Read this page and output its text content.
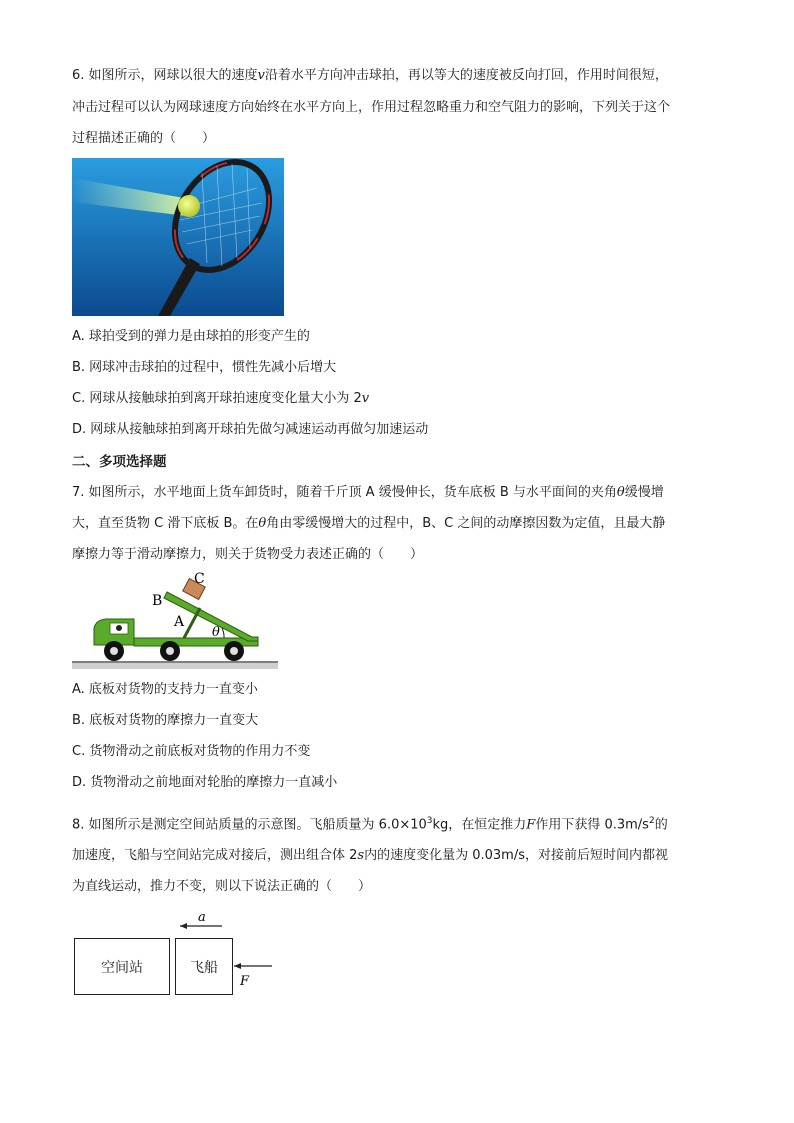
6. 如图所示，网球以很大的速度v沿着水平方向冲击球拍，再以等大的速度被反向打回，作用时间很短，
冲击过程可以认为网球速度方向始终在水平方向上，作用过程忽略重力和空气阻力的影响，下列关于这个
过程描述正确的（　　）
A. 球拍受到的弹力是由球拍的形变产生的
B. 网球冲击球拍的过程中，惯性先减小后增大
C. 网球从接触球拍到离开球拍速度变化量大小为 2v
D. 网球从接触球拍到离开球拍先做匀减速运动再做匀加速运动
二、多项选择题
7. 如图所示，水平地面上货车卸货时，随着千斤顶 A 缓慢伸长，货车底板 B 与水平面间的夹角θ缓慢增
大，直至货物 C 滑下底板 B。在θ角由零缓慢增大的过程中，B、C 之间的动摩擦因数为定值，且最大静
摩擦力等于滑动摩擦力，则关于货物受力表述正确的（　　）
C
B
A
θ
A. 底板对货物的支持力一直变小
B. 底板对货物的摩擦力一直变大
C. 货物滑动之前底板对货物的作用力不变
D. 货物滑动之前地面对轮胎的摩擦力一直减小
8. 如图所示是测定空间站质量的示意图。飞船质量为 $6.0\times 10^3kg$，在恒定推力F作用下获得 $0.3m/s^2$的
加速度，飞船与空间站完成对接后，测出组合体 2s内的速度变化量为 0.03m/s，对接前后短时间内都视
为直线运动，推力不变，则以下说法正确的（　　）
空间站	飞船
a
F
